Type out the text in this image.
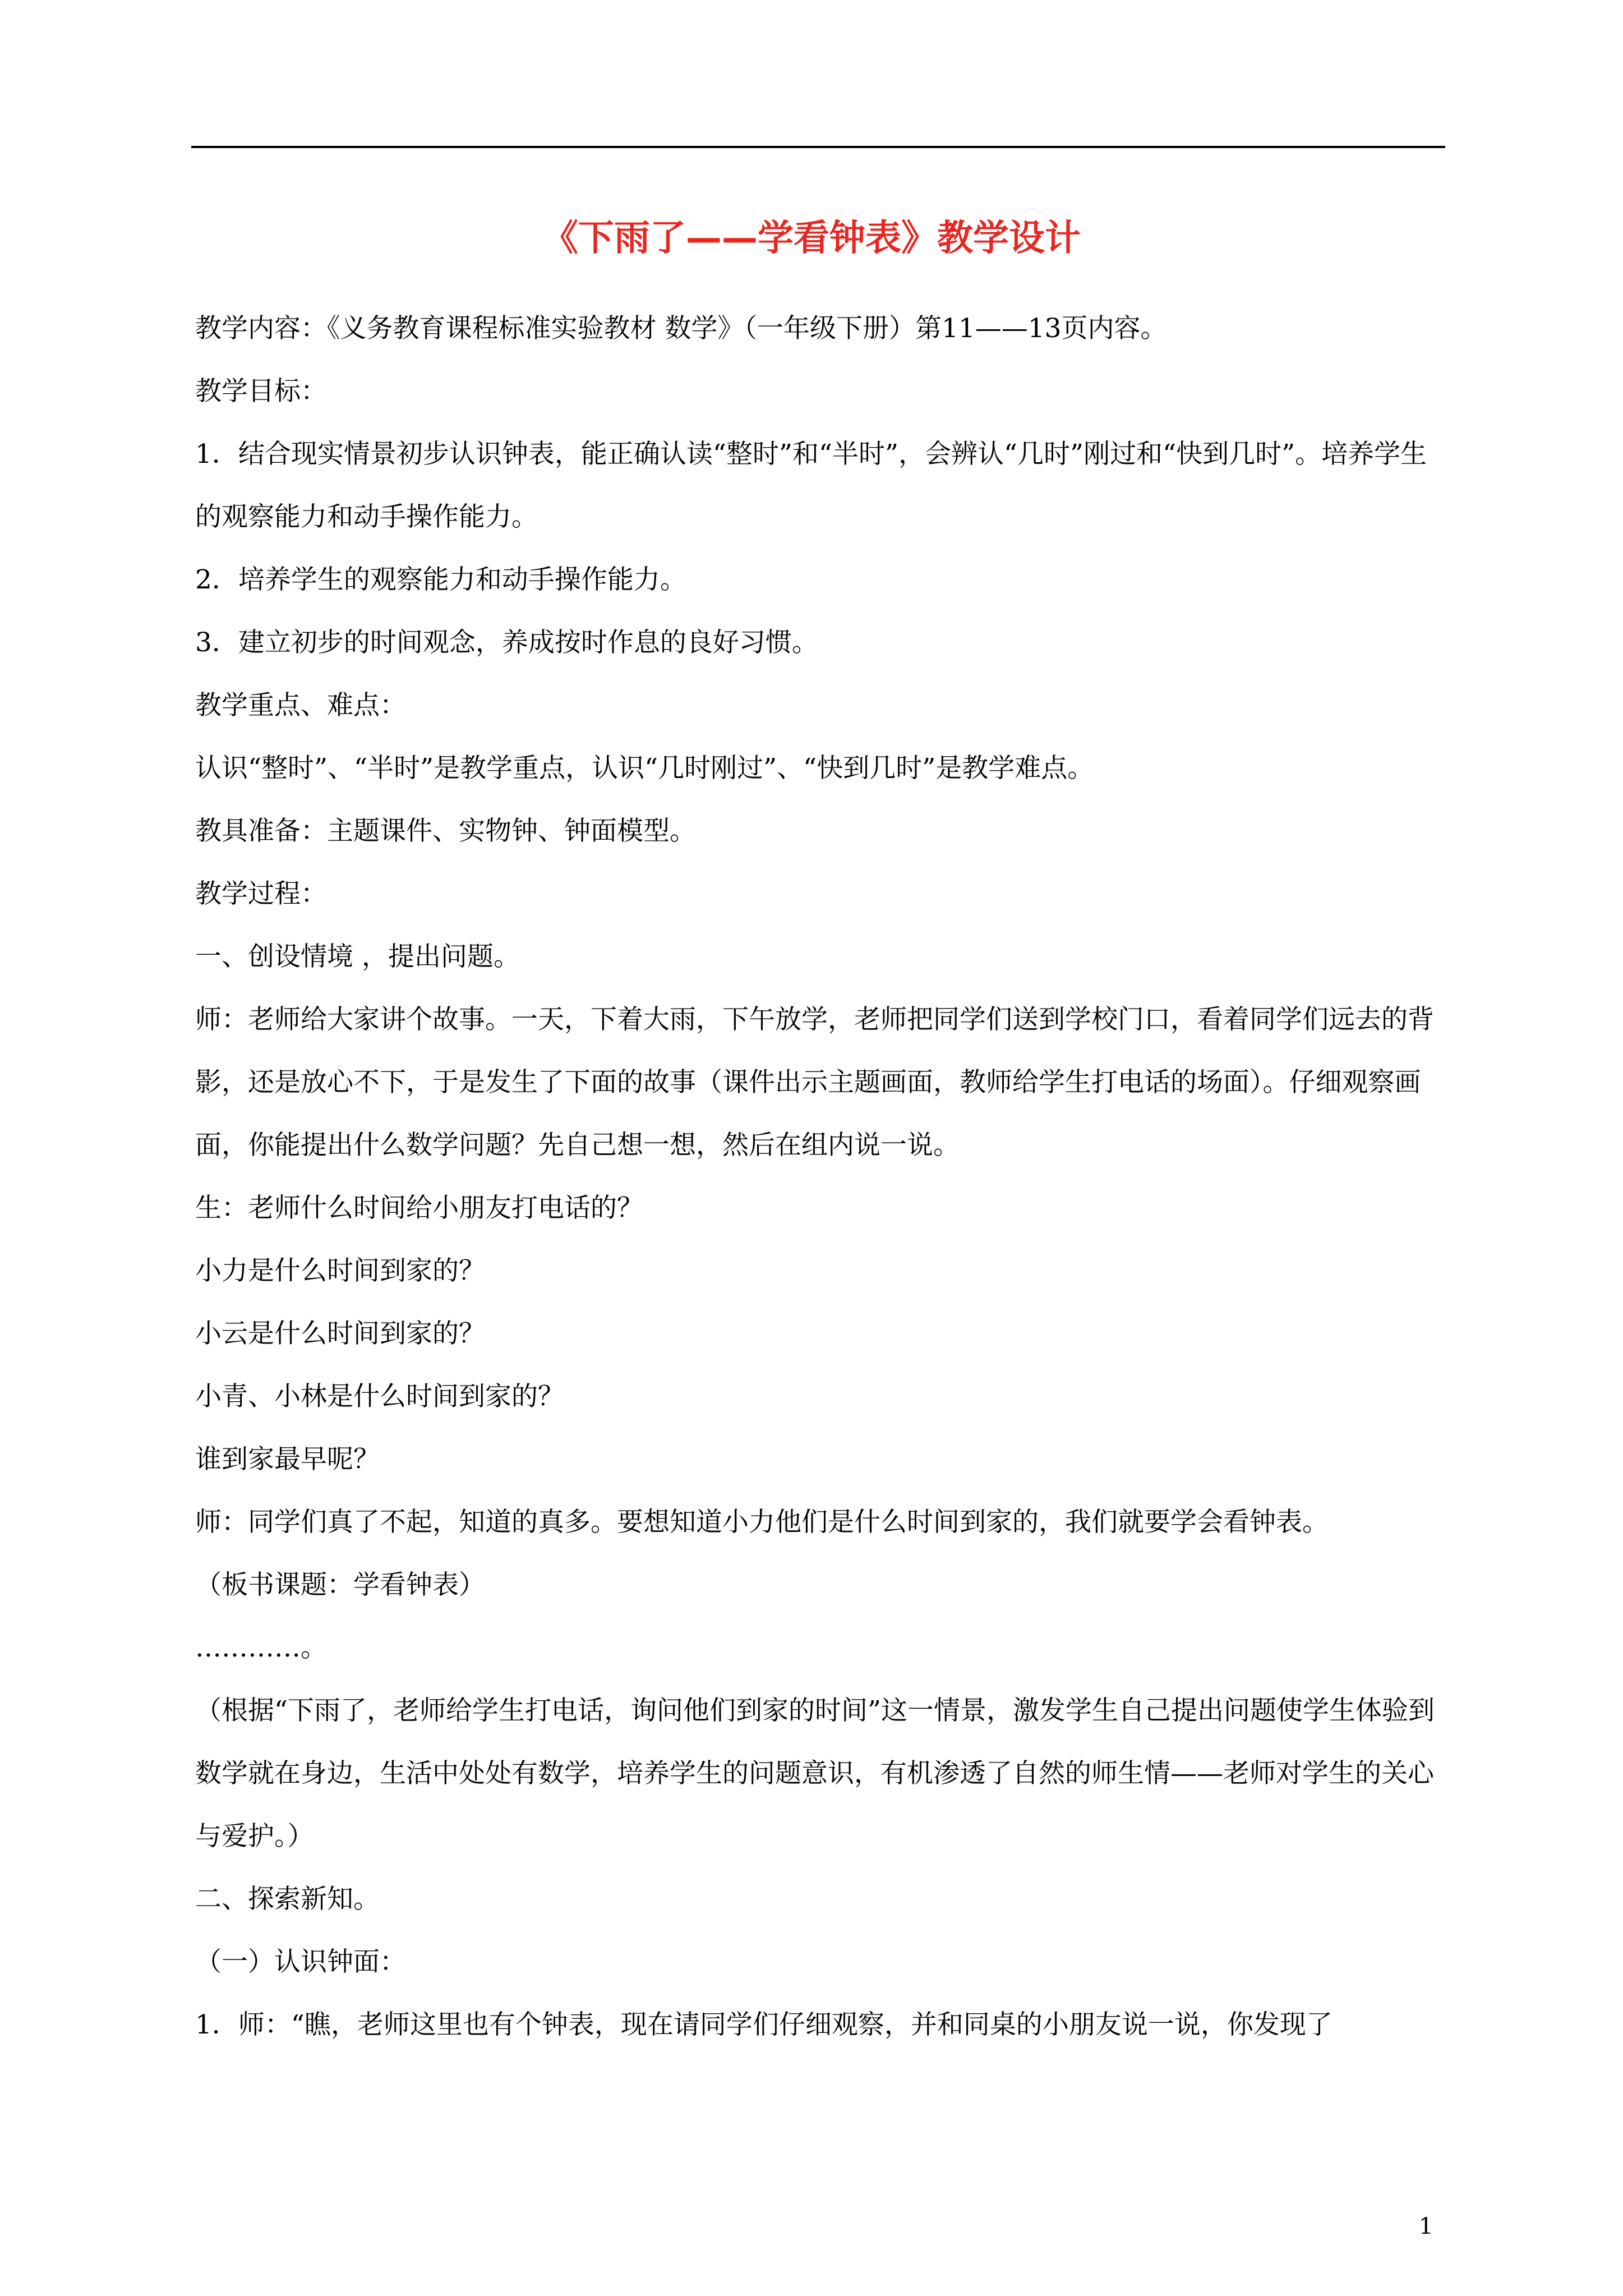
《下雨了——学看钟表》教学设计

教学内容：《义务教育课程标准实验教材 数学》（一年级下册）第11——13页内容。

教学目标：

1．结合现实情景初步认识钟表，能正确认读“整时”和“半时”，会辨认“几时”刚过和“快到几时”。培养学生的观察能力和动手操作能力。

2．培养学生的观察能力和动手操作能力。

3．建立初步的时间观念，养成按时作息的良好习惯。

教学重点、难点：

认识“整时”、“半时”是教学重点，认识“几时刚过”、“快到几时”是教学难点。

教具准备：主题课件、实物钟、钟面模型。

教学过程：

一、创设情境 ，提出问题。

师：老师给大家讲个故事。一天，下着大雨，下午放学，老师把同学们送到学校门口，看着同学们远去的背影，还是放心不下，于是发生了下面的故事（课件出示主题画面，教师给学生打电话的场面）。仔细观察画面，你能提出什么数学问题？先自己想一想，然后在组内说一说。

生：老师什么时间给小朋友打电话的？

小力是什么时间到家的？

小云是什么时间到家的？

小青、小林是什么时间到家的？

谁到家最早呢？

师：同学们真了不起，知道的真多。要想知道小力他们是什么时间到家的，我们就要学会看钟表。

（板书课题：学看钟表）

…………。

（根据“下雨了，老师给学生打电话，询问他们到家的时间”这一情景，激发学生自己提出问题使学生体验到数学就在身边，生活中处处有数学，培养学生的问题意识，有机渗透了自然的师生情——老师对学生的关心与爱护。）

二、探索新知。

（一）认识钟面：

1．师：“瞧，老师这里也有个钟表，现在请同学们仔细观察，并和同桌的小朋友说一说，你发现了

1
